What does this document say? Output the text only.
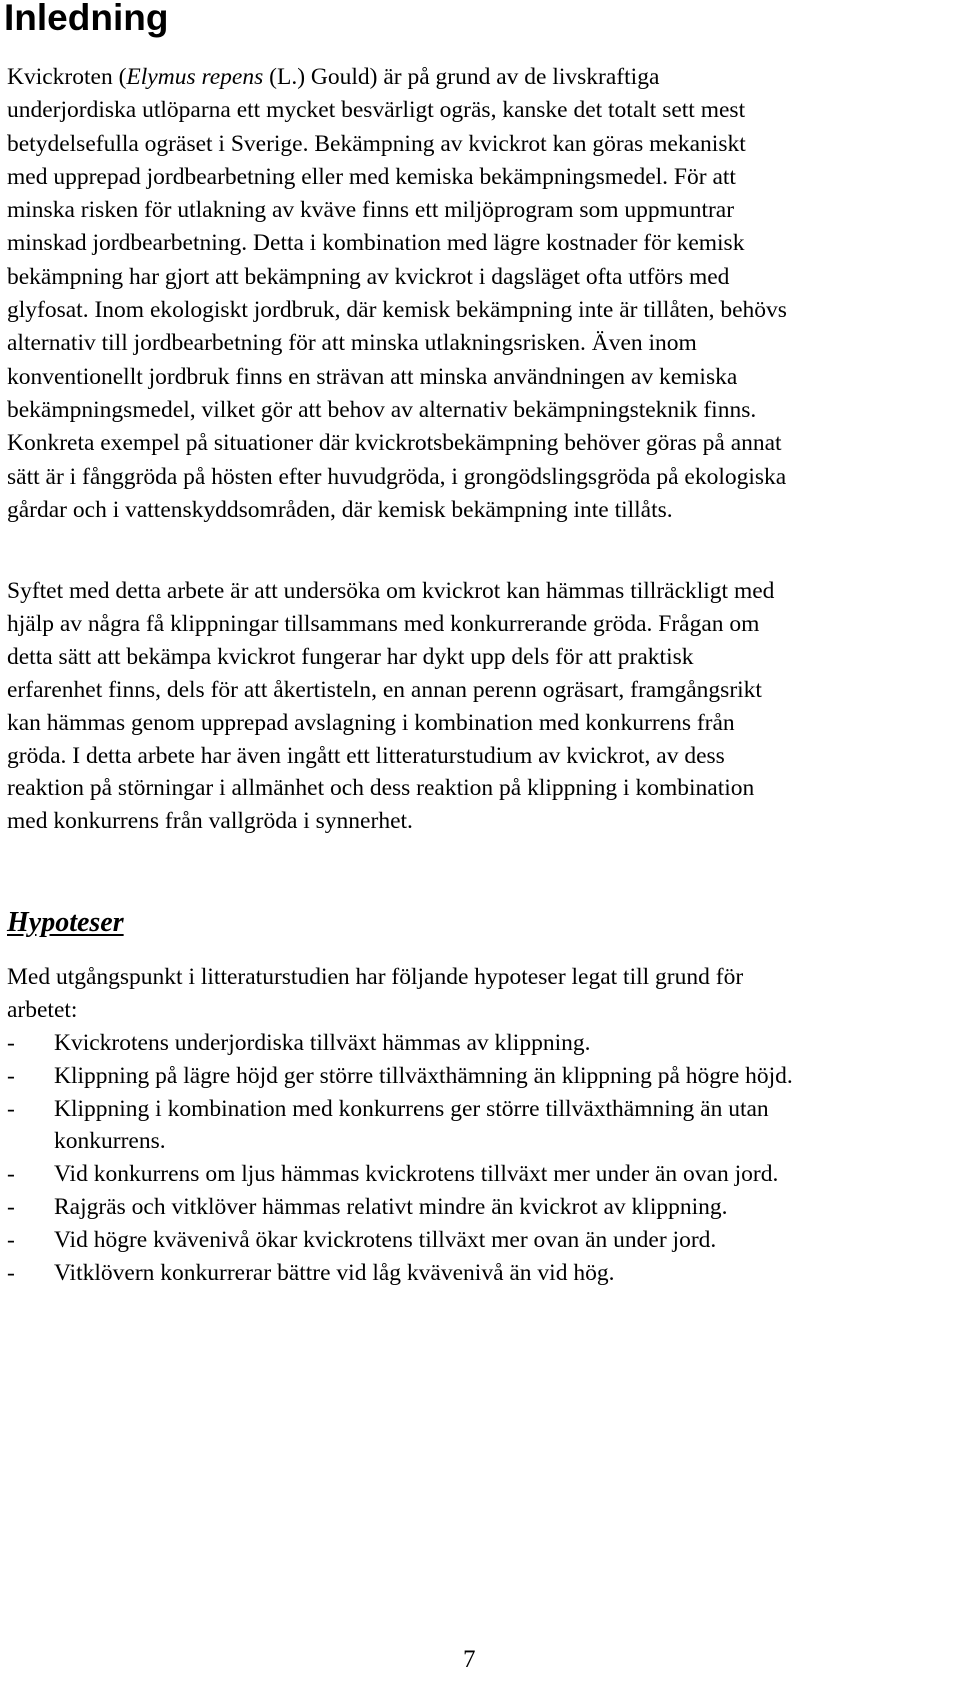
Inledning

Kvickroten (Elymus repens (L.) Gould) är på grund av de livskraftiga
underjordiska utlöparna ett mycket besvärligt ogräs, kanske det totalt sett mest
betydelsefulla ogräset i Sverige. Bekämpning av kvickrot kan göras mekaniskt
med upprepad jordbearbetning eller med kemiska bekämpningsmedel. För att
minska risken för utlakning av kväve finns ett miljöprogram som uppmuntrar
minskad jordbearbetning. Detta i kombination med lägre kostnader för kemisk
bekämpning har gjort att bekämpning av kvickrot i dagsläget ofta utförs med
glyfosat. Inom ekologiskt jordbruk, där kemisk bekämpning inte är tillåten, behövs
alternativ till jordbearbetning för att minska utlakningsrisken. Även inom
konventionellt jordbruk finns en strävan att minska användningen av kemiska
bekämpningsmedel, vilket gör att behov av alternativ bekämpningsteknik finns.
Konkreta exempel på situationer där kvickrotsbekämpning behöver göras på annat
sätt är i fånggröda på hösten efter huvudgröda, i grongödslingsgröda på ekologiska
gårdar och i vattenskyddsområden, där kemisk bekämpning inte tillåts.

Syftet med detta arbete är att undersöka om kvickrot kan hämmas tillräckligt med
hjälp av några få klippningar tillsammans med konkurrerande gröda. Frågan om
detta sätt att bekämpa kvickrot fungerar har dykt upp dels för att praktisk
erfarenhet finns, dels för att åkertisteln, en annan perenn ogräsart, framgångsrikt
kan hämmas genom upprepad avslagning i kombination med konkurrens från
gröda. I detta arbete har även ingått ett litteraturstudium av kvickrot, av dess
reaktion på störningar i allmänhet och dess reaktion på klippning i kombination
med konkurrens från vallgröda i synnerhet.

Hypoteser

Med utgångspunkt i litteraturstudien har följande hypoteser legat till grund för
arbetet:

- Kvickrotens underjordiska tillväxt hämmas av klippning.
- Klippning på lägre höjd ger större tillväxthämning än klippning på högre höjd.
- Klippning i kombination med konkurrens ger större tillväxthämning än utan
konkurrens.
- Vid konkurrens om ljus hämmas kvickrotens tillväxt mer under än ovan jord.
- Rajgräs och vitklöver hämmas relativt mindre än kvickrot av klippning.
- Vid högre kvävenivå ökar kvickrotens tillväxt mer ovan än under jord.
- Vitklövern konkurrerar bättre vid låg kvävenivå än vid hög.
7
